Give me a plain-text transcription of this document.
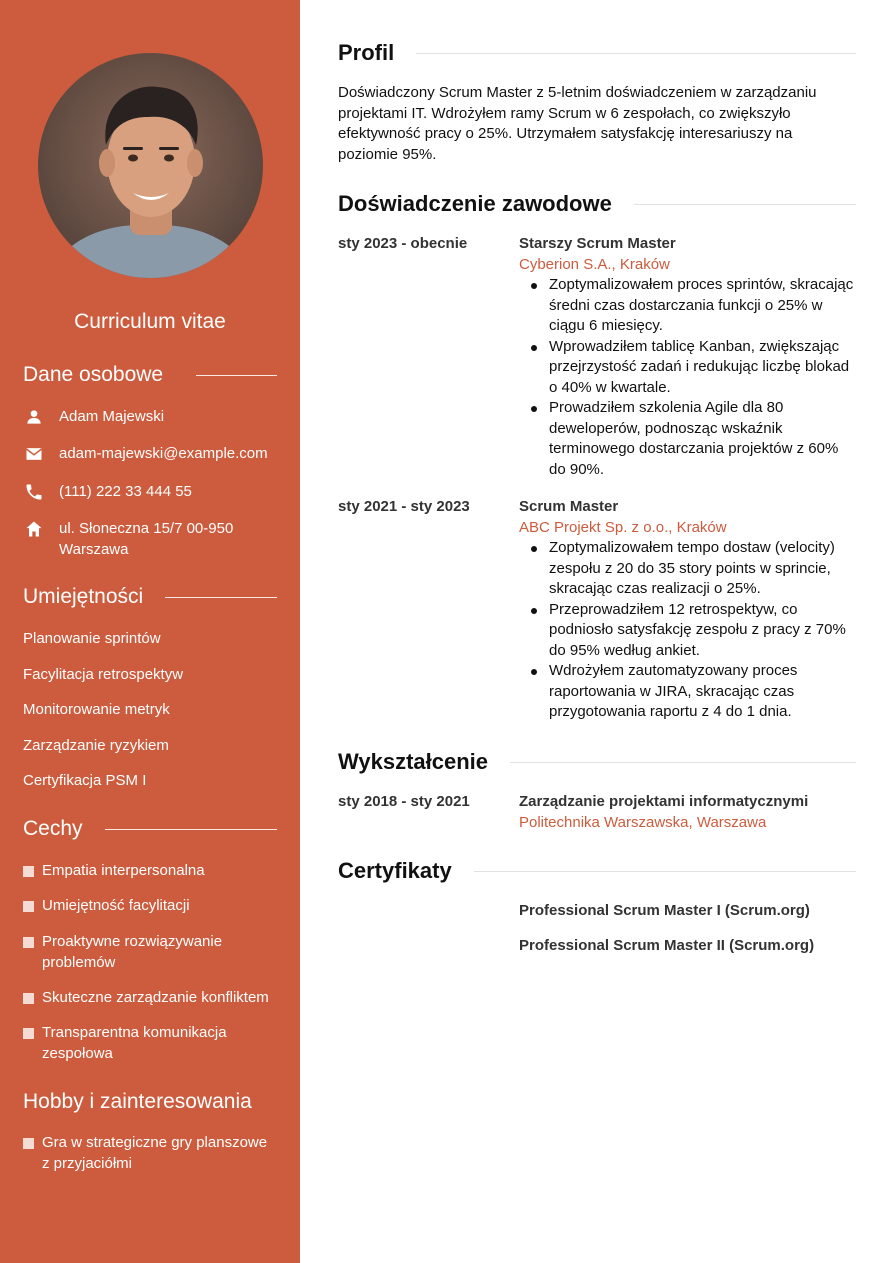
Curriculum vitae
Dane osobowe
Adam Majewski
adam-majewski@example.com
(111) 222 33 444 55
ul. Słoneczna 15/7 00-950
Warszawa
Umiejętności
Planowanie sprintów
Facylitacja retrospektyw
Monitorowanie metryk
Zarządzanie ryzykiem
Certyfikacja PSM I
Cechy
Empatia interpersonalna
Umiejętność facylitacji
Proaktywne rozwiązywanie
problemów
Skuteczne zarządzanie konfliktem
Transparentna komunikacja
zespołowa
Hobby i zainteresowania
Gra w strategiczne gry planszowe
z przyjaciółmi
Profil
Doświadczony Scrum Master z 5-letnim doświadczeniem w zarządzaniu
projektami IT. Wdrożyłem ramy Scrum w 6 zespołach, co zwiększyło
efektywność pracy o 25%. Utrzymałem satysfakcję interesariuszy na
poziomie 95%.
Doświadczenie zawodowe
sty 2023 - obecnie	Starszy Scrum Master
Cyberion S.A., Kraków
Zoptymalizowałem proces sprintów, skracając
średni czas dostarczania funkcji o 25% w
ciągu 6 miesięcy.
Wprowadziłem tablicę Kanban, zwiększając
przejrzystość zadań i redukując liczbę blokad
o 40% w kwartale.
Prowadziłem szkolenia Agile dla 80
deweloperów, podnosząc wskaźnik
terminowego dostarczania projektów z 60%
do 90%.
sty 2021 - sty 2023	Scrum Master
ABC Projekt Sp. z o.o., Kraków
Zoptymalizowałem tempo dostaw (velocity)
zespołu z 20 do 35 story points w sprincie,
skracając czas realizacji o 25%.
Przeprowadziłem 12 retrospektyw, co
podniosło satysfakcję zespołu z pracy z 70%
do 95% według ankiet.
Wdrożyłem zautomatyzowany proces
raportowania w JIRA, skracając czas
przygotowania raportu z 4 do 1 dnia.
Wykształcenie
sty 2018 - sty 2021	Zarządzanie projektami informatycznymi
Politechnika Warszawska, Warszawa
Certyfikaty
Professional Scrum Master I (Scrum.org)
Professional Scrum Master II (Scrum.org)
